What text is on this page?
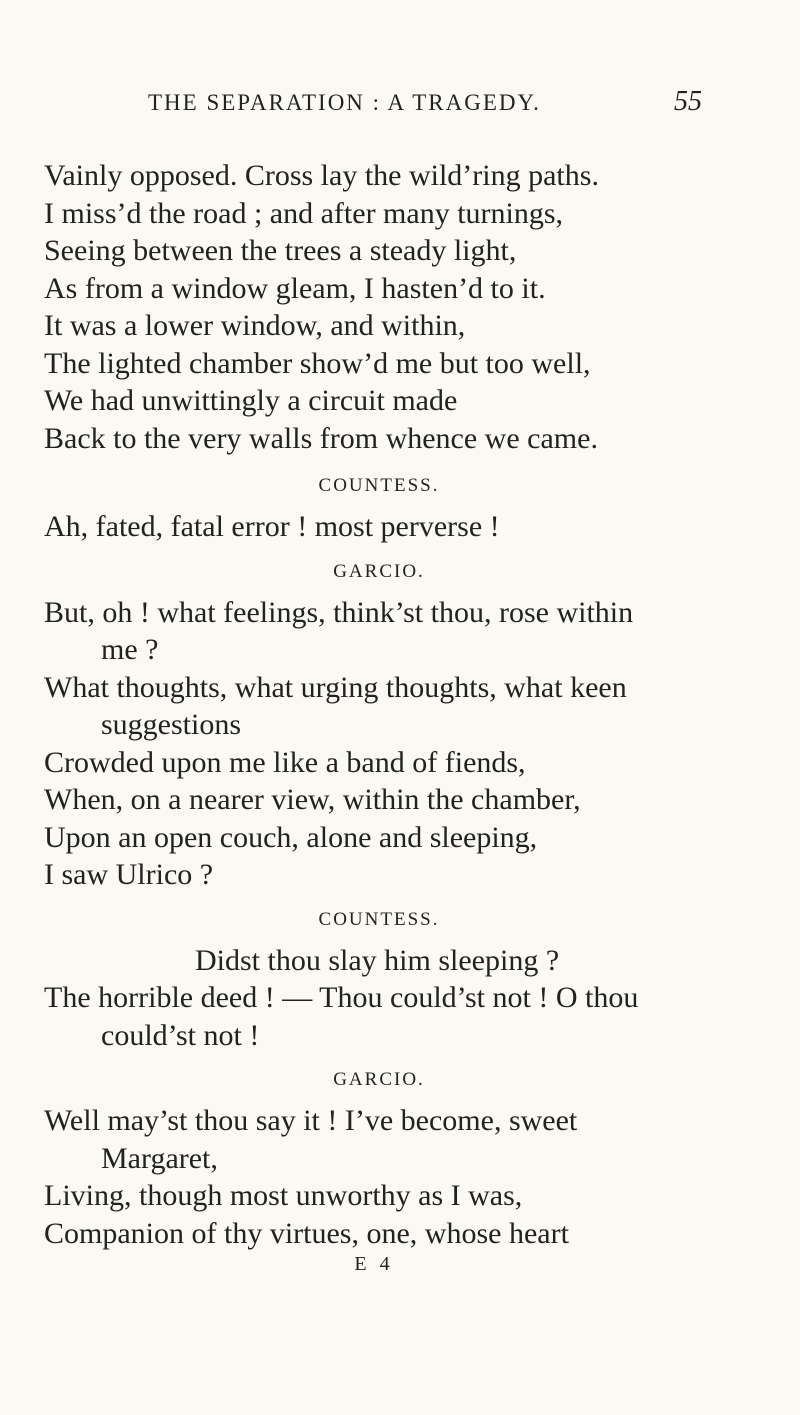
THE SEPARATION : A TRAGEDY.	55
Vainly opposed. Cross lay the wild’ring paths.
I miss’d the road ; and after many turnings,
Seeing between the trees a steady light,
As from a window gleam, I hasten’d to it.
It was a lower window, and within,
The lighted chamber show’d me but too well,
We had unwittingly a circuit made
Back to the very walls from whence we came.
COUNTESS.
Ah, fated, fatal error ! most perverse !
GARCIO.
But, oh ! what feelings, think’st thou, rose within
me ?
What thoughts, what urging thoughts, what keen
suggestions
Crowded upon me like a band of fiends,
When, on a nearer view, within the chamber,
Upon an open couch, alone and sleeping,
I saw Ulrico ?
COUNTESS.
Didst thou slay him sleeping ?
The horrible deed ! — Thou could’st not ! O thou
could’st not !
GARCIO.
Well may’st thou say it ! I’ve become, sweet
Margaret,
Living, though most unworthy as I was,
Companion of thy virtues, one, whose heart
E 4
